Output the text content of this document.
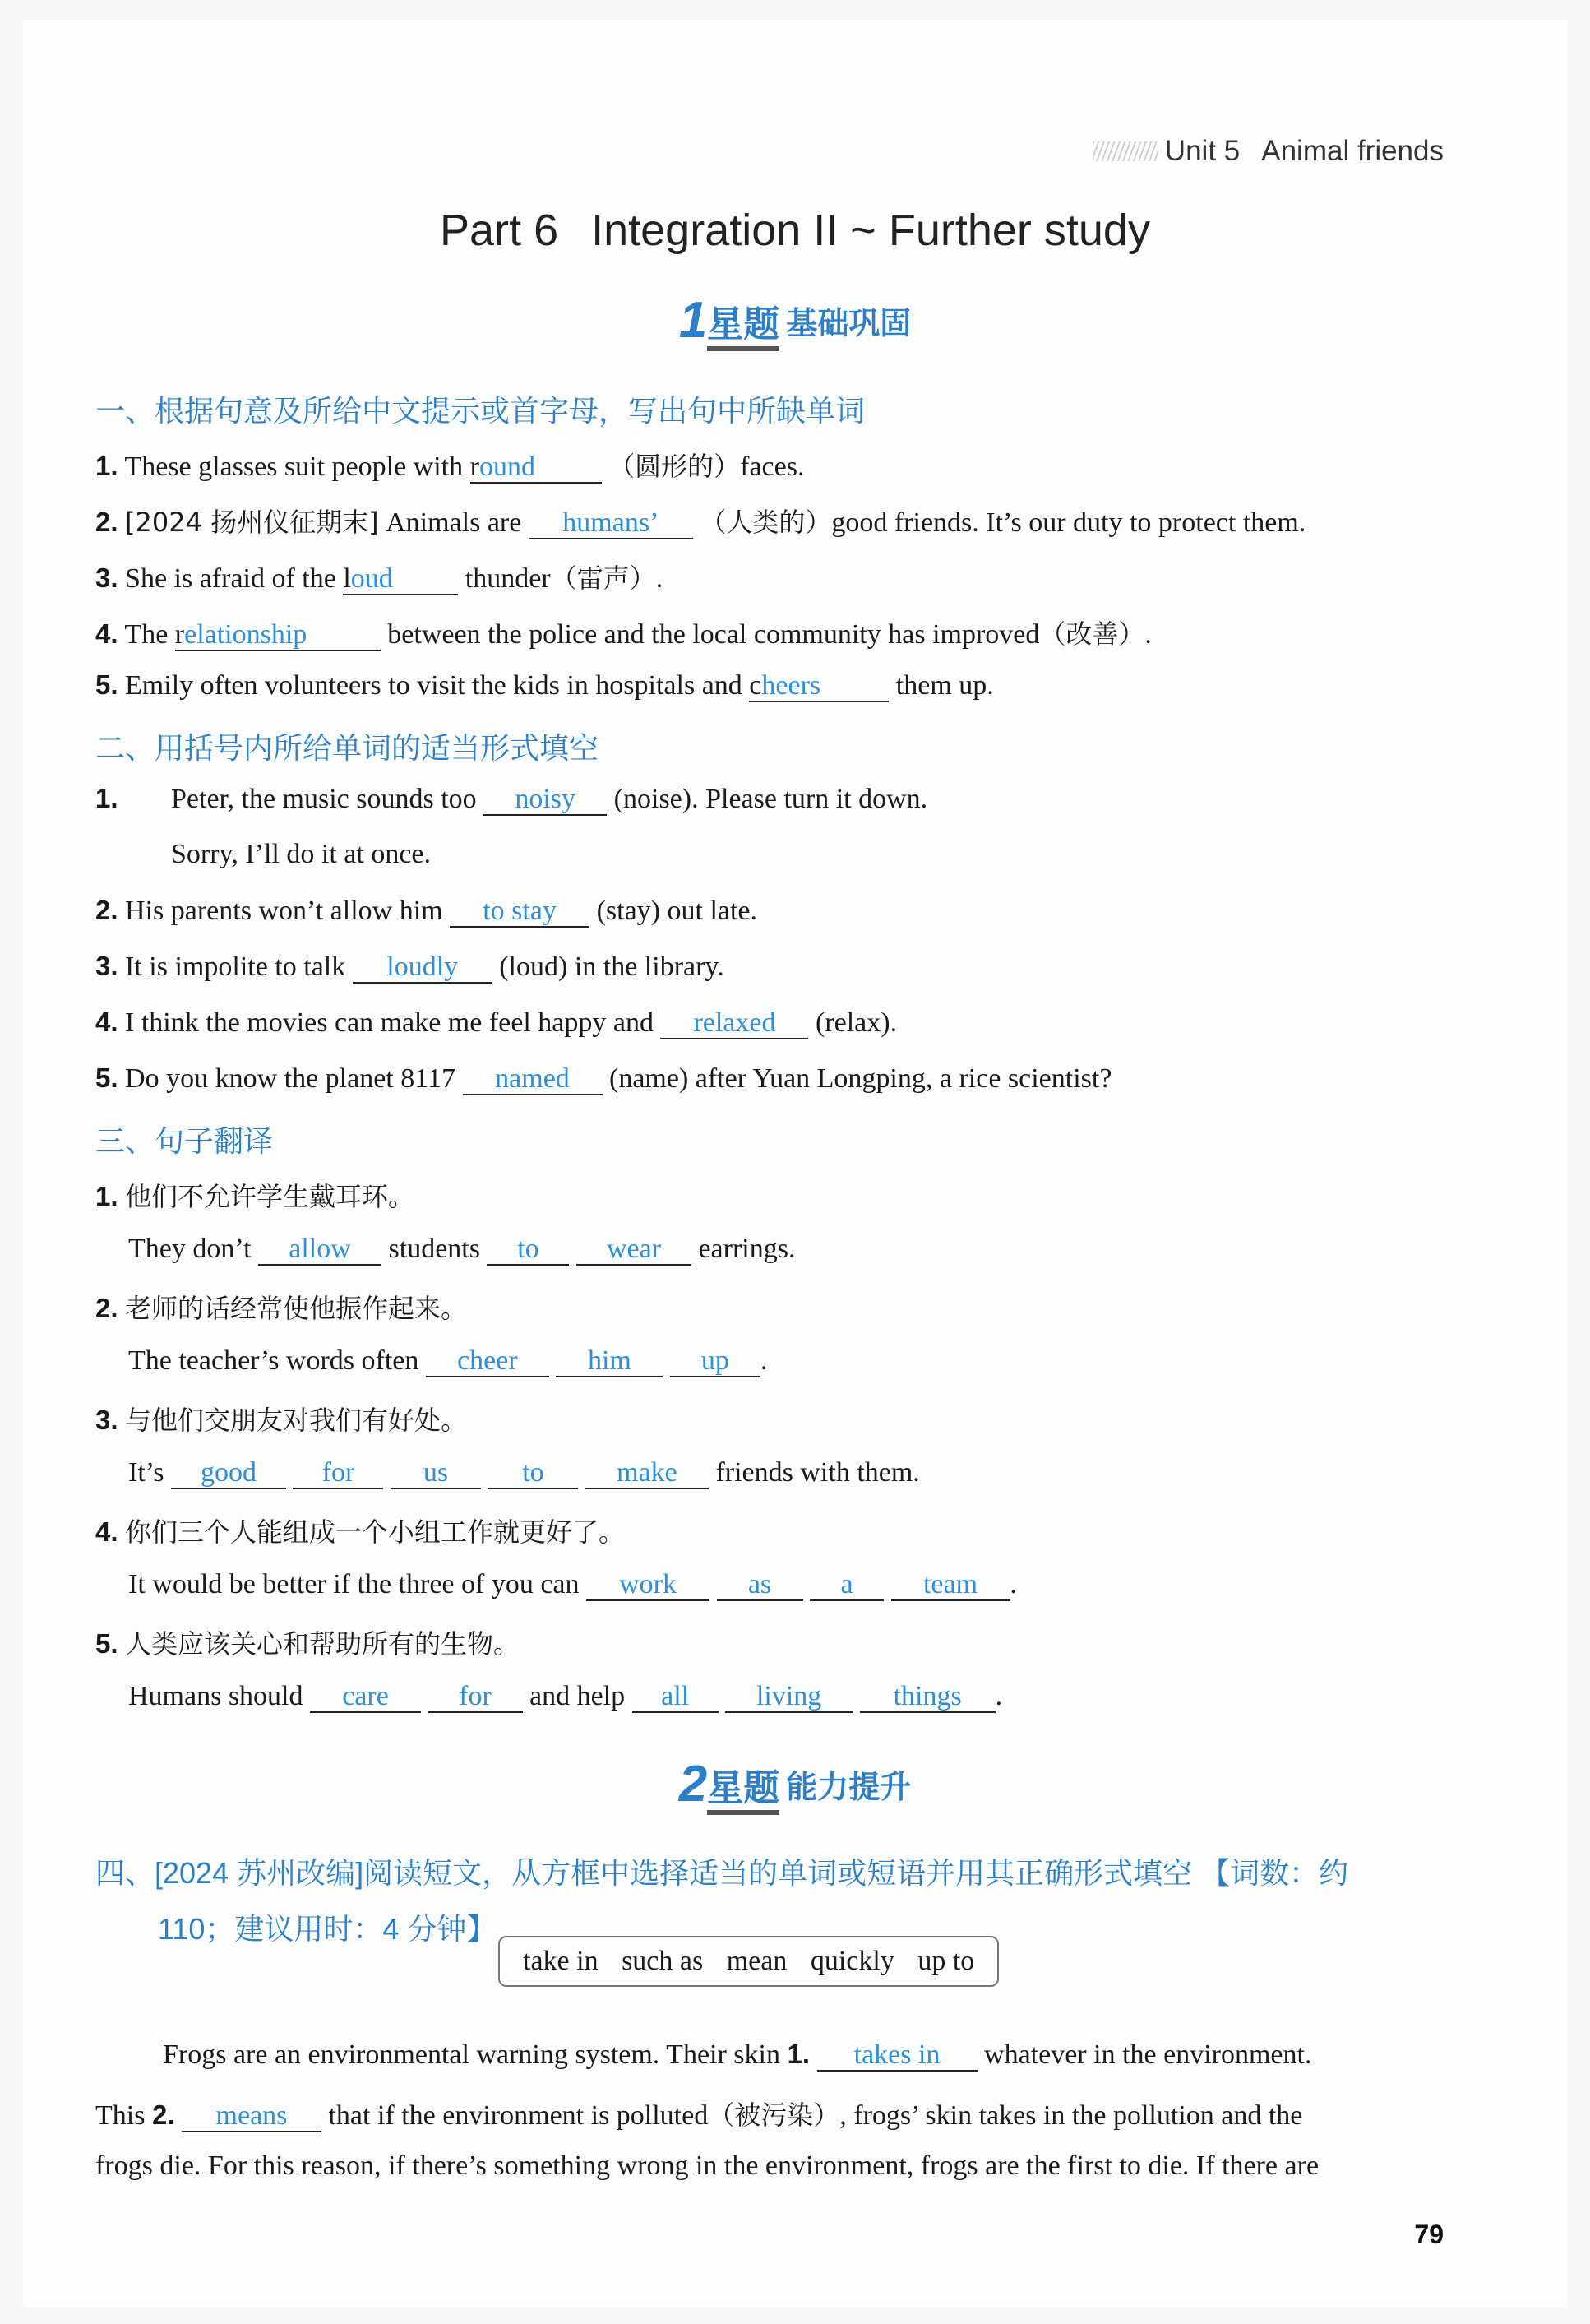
Unit 5 Animal friends
Part 6 Integration II ~ Further study
1星题 基础巩固
一、根据句意及所给中文提示或首字母，写出句中所缺单词
1. These glasses suit people with round	（圆形的）faces.
2. [2024 扬州仪征期末] Animals are humans’ （人类的）good friends. It’s our duty to protect them.
3. She is afraid of the loud	thunder（雷声）.
4. The relationship	between the police and the local community has improved（改善）.
5. Emily often volunteers to visit the kids in hospitals and cheers	them up.
二、用括号内所给单词的适当形式填空
1. Peter, the music sounds too noisy (noise). Please turn it down.
Sorry, I’ll do it at once.
2. His parents won’t allow him to stay (stay) out late.
3. It is impolite to talk loudly (loud) in the library.
4. I think the movies can make me feel happy and relaxed (relax).
5. Do you know the planet 8117 named (name) after Yuan Longping, a rice scientist?
三、句子翻译
1. 他们不允许学生戴耳环。
They don’t allow students to wear earrings.
2. 老师的话经常使他振作起来。
The teacher’s words often cheer	him	up .
3. 与他们交朋友对我们有好处。
It’s good for us	to	make friends with them.
4. 你们三个人能组成一个小组工作就更好了。
It would be better if the three of you can work	as a	team .
5. 人类应该关心和帮助所有的生物。
Humans should care	for and help all living	things .
四、[2024 苏州改编]阅读短文，从方框中选择适当的单词或短语并用其正确形式填空 【词数：约
110；建议用时：4 分钟】
take in such as mean quickly up to
Frogs are an environmental warning system. Their skin 1. takes in whatever in the environment.
This 2. means that if the environment is polluted（被污染）, frogs’ skin takes in the pollution and the
frogs die. For this reason, if there’s something wrong in the environment, frogs are the first to die. If there are
2星题 能力提升
79
